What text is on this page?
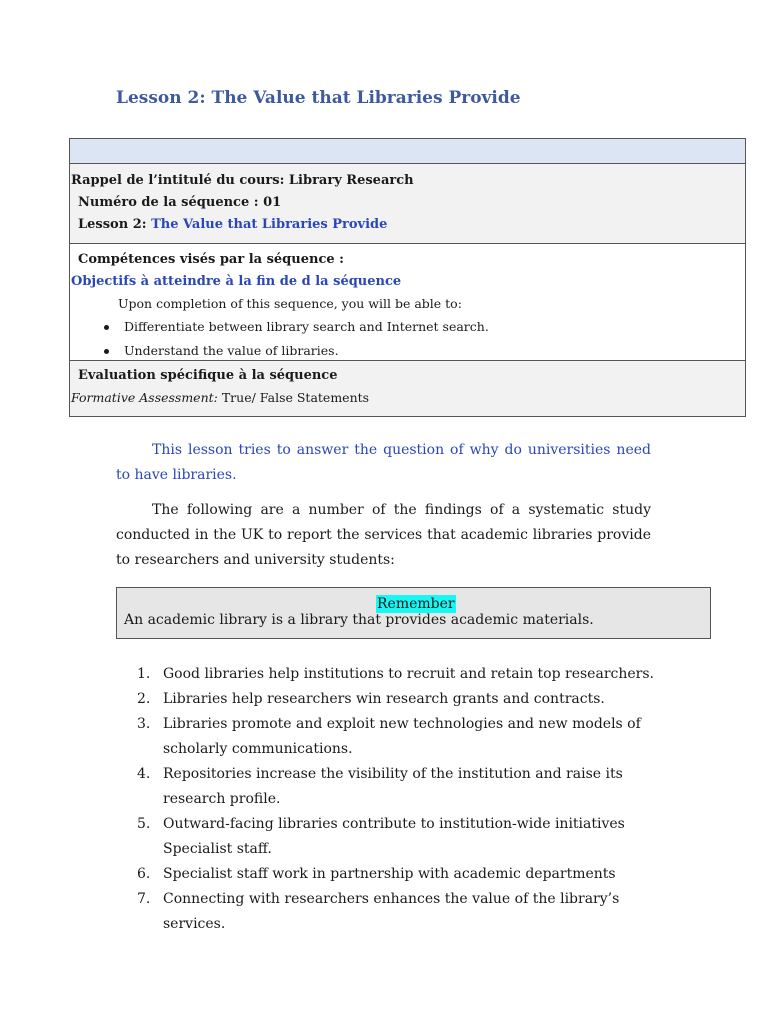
Lesson 2: The Value that Libraries Provide
Rappel de l’intitulé du cours: Library Research
Numéro de la séquence : 01
Lesson 2: The Value that Libraries Provide
Compétences visés par la séquence :
Objectifs à atteindre à la fin de d la séquence
Upon completion of this sequence, you will be able to:
Differentiate between library search and Internet search.
Understand the value of libraries.
Evaluation spécifique à la séquence
Formative Assessment: True/ False Statements

This lesson tries to answer the question of why do universities need to have libraries.

The following are a number of the findings of a systematic study conducted in the UK to report the services that academic libraries provide to researchers and university students:

Remember
An academic library is a library that provides academic materials.
1. Good libraries help institutions to recruit and retain top researchers.
2. Libraries help researchers win research grants and contracts.
3. Libraries promote and exploit new technologies and new models of
scholarly communications.
4. Repositories increase the visibility of the institution and raise its
research profile.
5. Outward-facing libraries contribute to institution-wide initiatives
Specialist staff.
6. Specialist staff work in partnership with academic departments
7. Connecting with researchers enhances the value of the library’s
services.
